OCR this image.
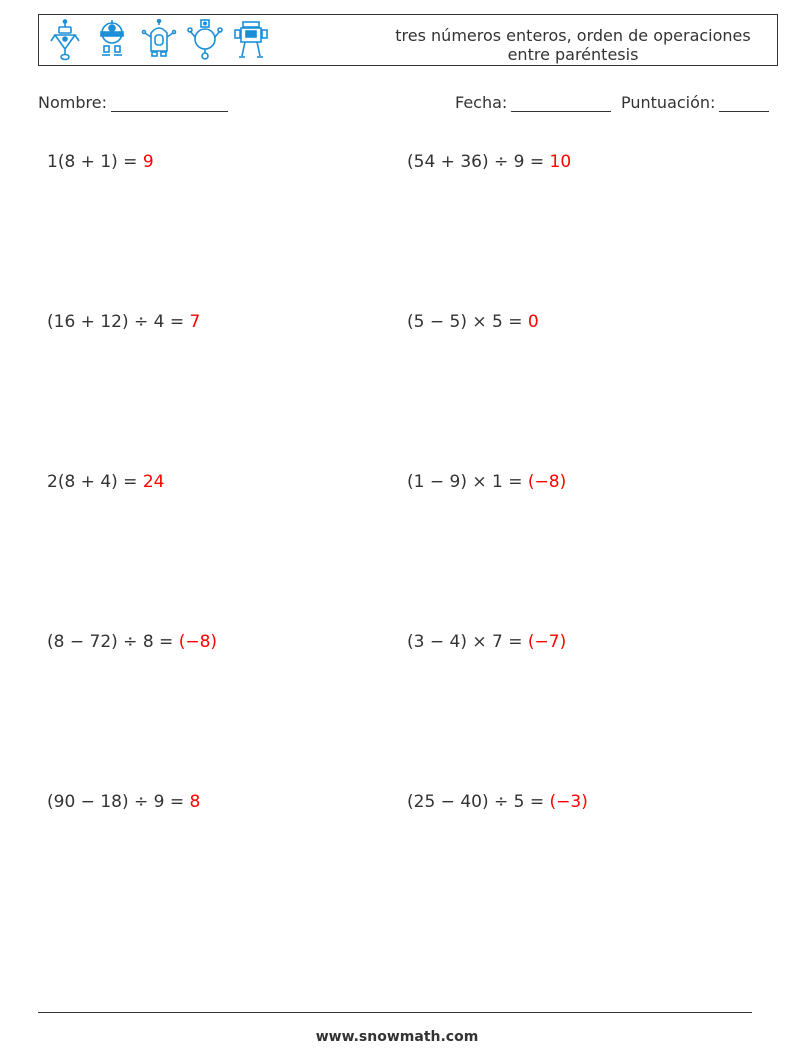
tres números enteros, orden de operaciones
entre paréntesis
Nombre:	Fecha:	Puntuación:
1(8 + 1) = 9	(54 + 36) ÷ 9 = 10
(16 + 12) ÷ 4 = 7	(5 − 5) × 5 = 0
2(8 + 4) = 24	(1 − 9) × 1 = (−8)
(8 − 72) ÷ 8 = (−8)	(3 − 4) × 7 = (−7)
(90 − 18) ÷ 9 = 8	(25 − 40) ÷ 5 = (−3)
www.snowmath.com
